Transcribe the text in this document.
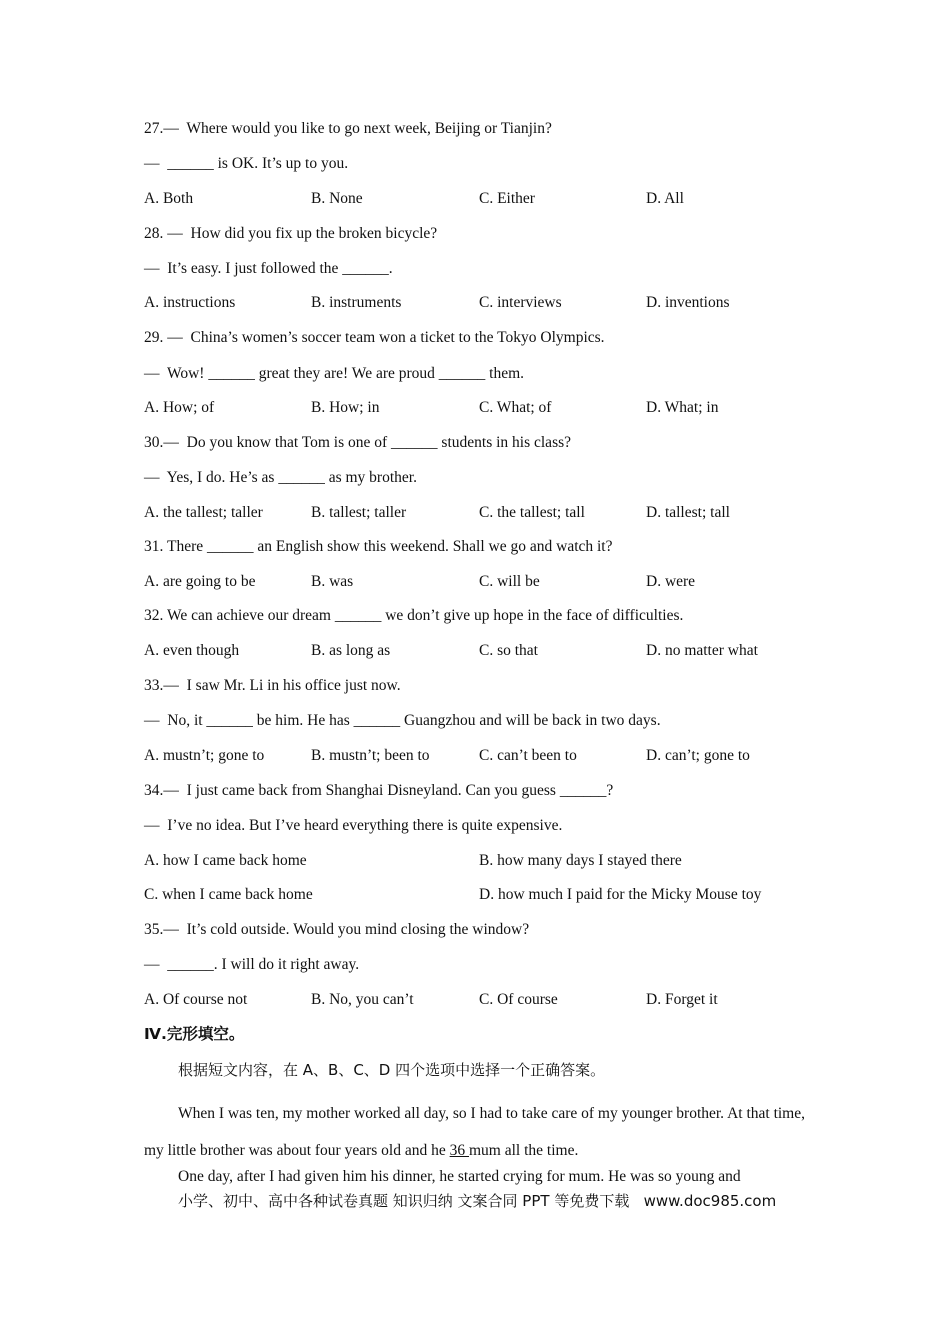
27.—  Where would you like to go next week, Beijing or Tianjin?
—  ______ is OK. It’s up to you.
A. Both	B. None	C. Either	D. All
28. —  How did you fix up the broken bicycle?
—  It’s easy. I just followed the ______.
A. instructions	B. instruments	C. interviews	D. inventions
29. —  China’s women’s soccer team won a ticket to the Tokyo Olympics.
—  Wow! ______ great they are! We are proud ______ them.
A. How; of	B. How; in	C. What; of	D. What; in
30.—  Do you know that Tom is one of ______ students in his class?
—  Yes, I do. He’s as ______ as my brother.
A. the tallest; taller	B. tallest; taller	C. the tallest; tall	D. tallest; tall
31. There ______ an English show this weekend. Shall we go and watch it?
A. are going to be	B. was	C. will be	D. were
32. We can achieve our dream ______ we don’t give up hope in the face of difficulties.
A. even though	B. as long as	C. so that	D. no matter what
33.—  I saw Mr. Li in his office just now.
—  No, it ______ be him. He has ______ Guangzhou and will be back in two days.
A. mustn’t; gone to	B. mustn’t; been to	C. can’t been to	D. can’t; gone to
34.—  I just came back from Shanghai Disneyland. Can you guess ______?
—  I’ve no idea. But I’ve heard everything there is quite expensive.
A. how I came back home	B. how many days I stayed there
C. when I came back home	D. how much I paid for the Micky Mouse toy
35.—  It’s cold outside. Would you mind closing the window?
—  ______. I will do it right away.
A. Of course not	B. No, you can’t	C. Of course	D. Forget it
Ⅳ.完形填空。
根据短文内容，在 A、B、C、D 四个选项中选择一个正确答案。
When I was ten, my mother worked all day, so I had to take care of my younger brother. At that time, my little brother was about four years old and he 36 mum all the time.
One day, after I had given him his dinner, he started crying for mum. He was so young and
小学、初中、高中各种试卷真题 知识归纳 文案合同 PPT 等免费下载   www.doc985.com
